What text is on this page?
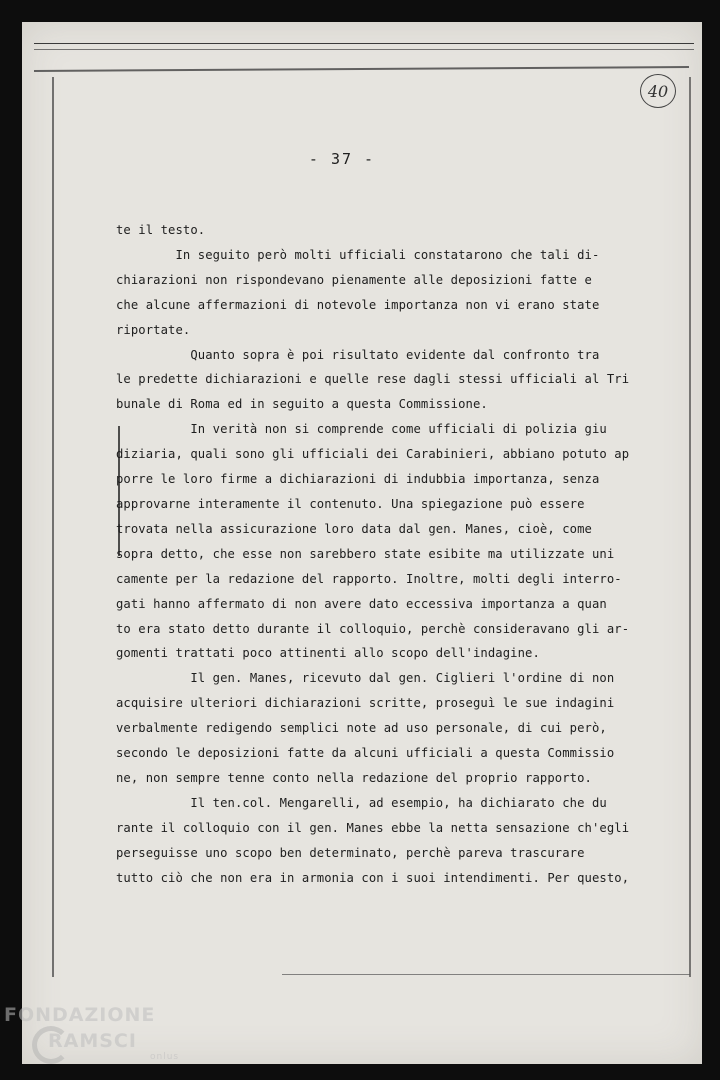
40
- 37 -
te il testo.
In seguito però molti ufficiali constatarono che tali di-
chiarazioni non rispondevano pienamente alle deposizioni fatte e
che alcune affermazioni di notevole importanza non vi erano state
riportate.
Quanto sopra è poi risultato evidente dal confronto tra
le predette dichiarazioni e quelle rese dagli stessi ufficiali al Tri
bunale di Roma ed in seguito a questa Commissione.
In verità non si comprende come ufficiali di polizia giu
diziaria, quali sono gli ufficiali dei Carabinieri, abbiano potuto ap
porre le loro firme a dichiarazioni di indubbia importanza, senza
approvarne interamente il contenuto. Una spiegazione può essere
trovata nella assicurazione loro data dal gen. Manes, cioè, come
sopra detto, che esse non sarebbero state esibite ma utilizzate uni
camente per la redazione del rapporto. Inoltre, molti degli interro-
gati hanno affermato di non avere dato eccessiva importanza a quan
to era stato detto durante il colloquio, perchè consideravano gli ar-
gomenti trattati poco attinenti allo scopo dell'indagine.
Il gen. Manes, ricevuto dal gen. Ciglieri l'ordine di non
acquisire ulteriori dichiarazioni scritte, proseguì le sue indagini
verbalmente redigendo semplici note ad uso personale, di cui però,
secondo le deposizioni fatte da alcuni ufficiali a questa Commissio
ne, non sempre tenne conto nella redazione del proprio rapporto.
Il ten.col. Mengarelli, ad esempio, ha dichiarato che du
rante il colloquio con il gen. Manes ebbe la netta sensazione ch'egli
perseguisse uno scopo ben determinato, perchè pareva trascurare
tutto ciò che non era in armonia con i suoi intendimenti. Per questo,
FONDAZIONE
RAMSCI
onlus
